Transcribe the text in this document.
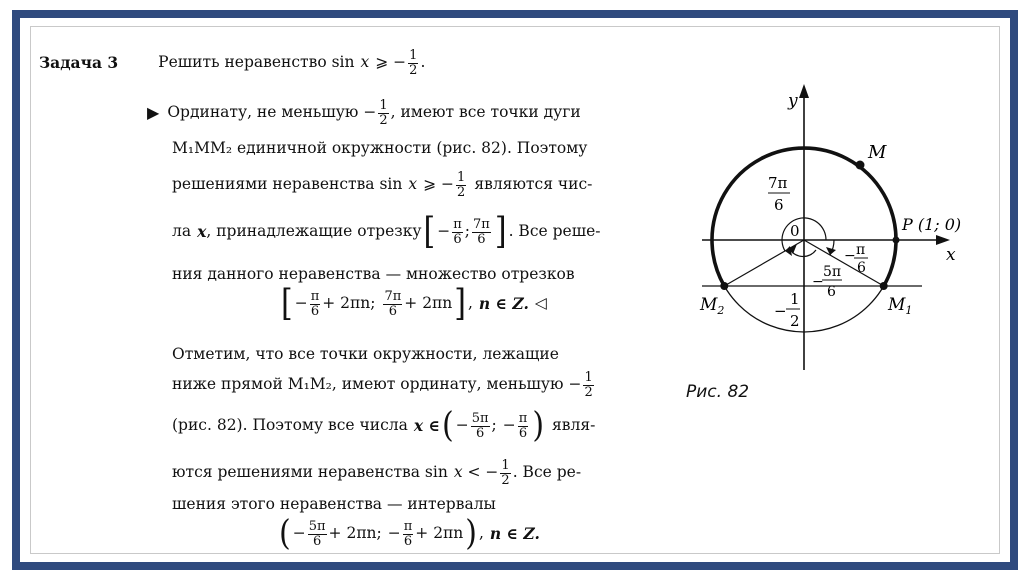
Задача 3	Решить неравенство sin x ⩾ − $\frac{1}{2}$ .
▶ Ординату, не меньшую − $\frac{1}{2}$ , имеют все точки дуги
M₁MM₂ единичной окружности (рис. 82). Поэтому
решениями неравенства sin x ⩾ − $\frac{1}{2}$ являются чис-
ла x , принадлежащие отрезку [ − $\frac{\pi}{6}$ ; $\frac{7\pi}{6}$ ] . Все реше-
ния данного неравенства — множество отрезков
[ − $\frac{\pi}{6} + 2\pi n$ ; $\frac{7\pi}{6} + 2\pi n$ ] , n ∈ Z. ◁
Отметим, что все точки окружности, лежащие
ниже прямой M₁M₂, имеют ординату, меньшую − $\frac{1}{2}$
(рис. 82). Поэтому все числа x ∈ ( − $\frac{5\pi}{6}$ ; − $\frac{\pi}{6}$ ) явля-
ются решениями неравенства sin x < − $\frac{1}{2}$ . Все ре-
шения этого неравенства — интервалы
( − $\frac{5\pi}{6} + 2\pi n$ ; − $\frac{\pi}{6} + 2\pi n$ ) , n ∈ Z.
y
x
0
M
P (1; 0)
$M_1$
$M_2$
7π
6
− π
6
−
5π
6
−
1
2
Рис. 82
